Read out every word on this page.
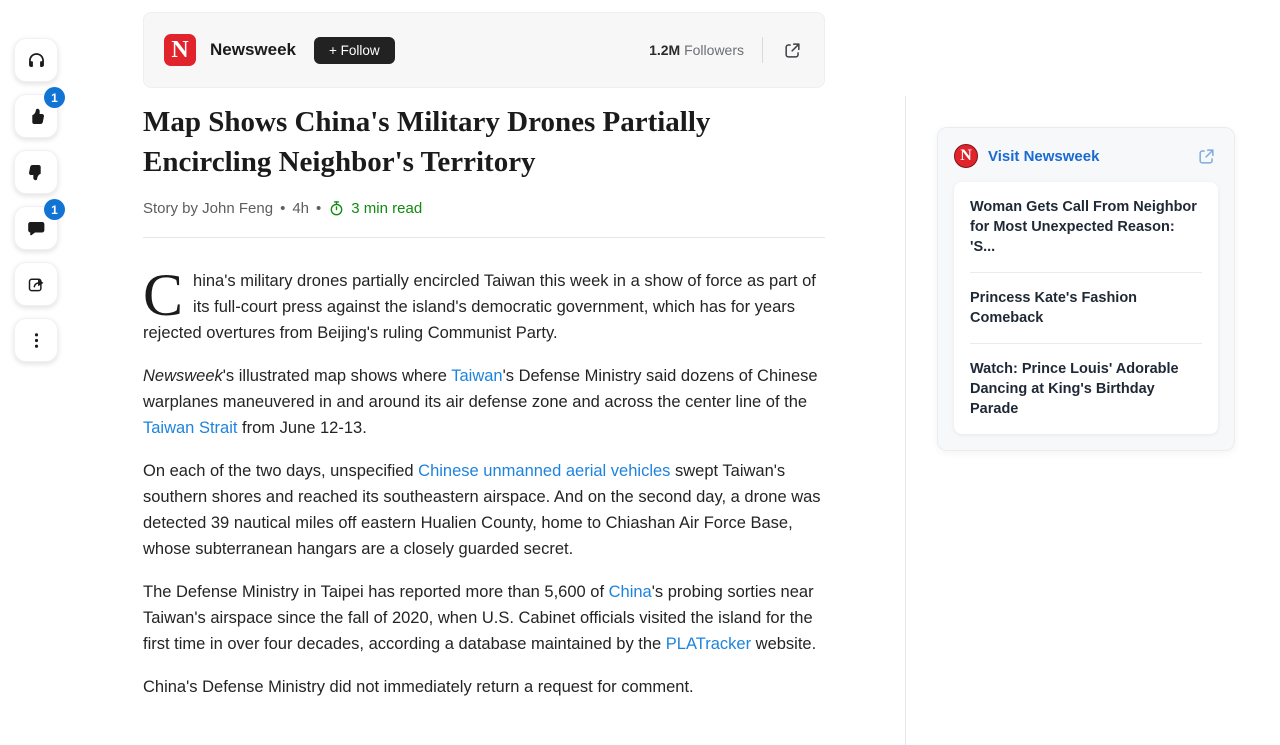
1
1
N	Newsweek	+ Follow	1.2M Followers
Map Shows China's Military Drones Partially Encircling Neighbor's Territory
Story by John Feng • 4h • 3 min read

China's military drones partially encircled Taiwan this week in a show of force as part of its full-court press against the island's democratic government, which has for years rejected overtures from Beijing's ruling Communist Party.

Newsweek's illustrated map shows where Taiwan's Defense Ministry said dozens of Chinese warplanes maneuvered in and around its air defense zone and across the center line of the Taiwan Strait from June 12-13.

On each of the two days, unspecified Chinese unmanned aerial vehicles swept Taiwan's southern shores and reached its southeastern airspace. And on the second day, a drone was detected 39 nautical miles off eastern Hualien County, home to Chiashan Air Force Base, whose subterranean hangars are a closely guarded secret.

The Defense Ministry in Taipei has reported more than 5,600 of China's probing sorties near Taiwan's airspace since the fall of 2020, when U.S. Cabinet officials visited the island for the first time in over four decades, according a database maintained by the PLATracker website.

China's Defense Ministry did not immediately return a request for comment.

N	Visit Newsweek
Woman Gets Call From Neighbor for Most Unexpected Reason: 'S...
Princess Kate's Fashion Comeback
Watch: Prince Louis' Adorable Dancing at King's Birthday Parade
